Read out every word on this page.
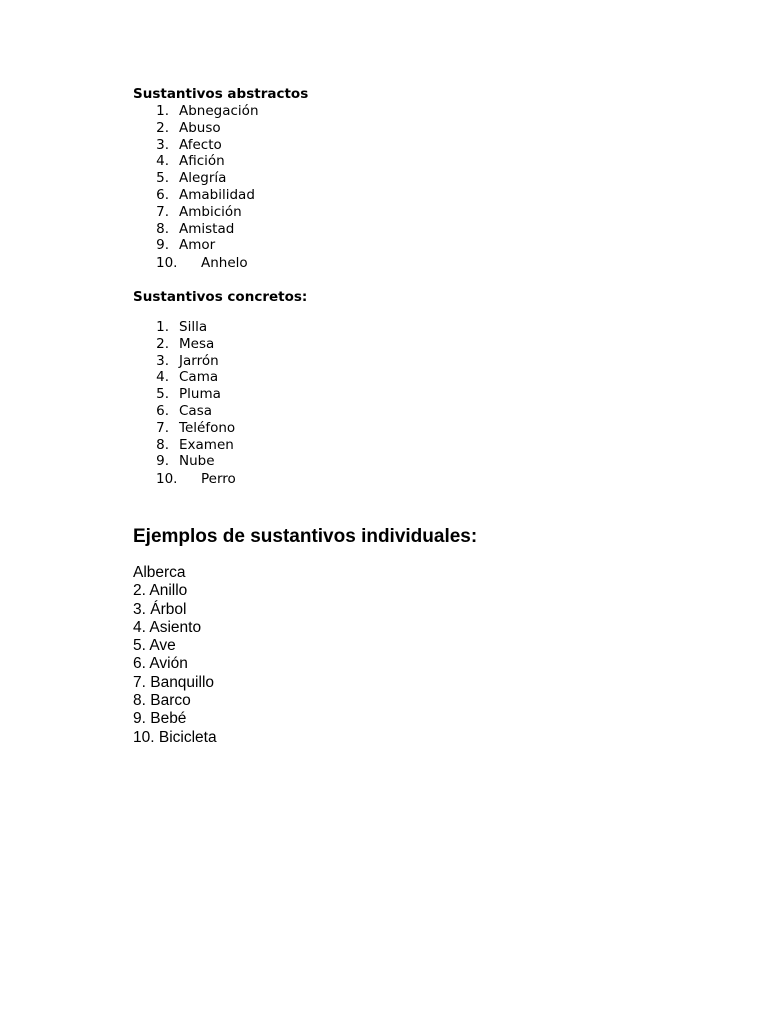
Sustantivos abstractos
1. Abnegación
2. Abuso
3. Afecto
4. Afición
5. Alegría
6. Amabilidad
7. Ambición
8. Amistad
9. Amor
10. Anhelo
Sustantivos concretos:
1. Silla
2. Mesa
3. Jarrón
4. Cama
5. Pluma
6. Casa
7. Teléfono
8. Examen
9. Nube
10. Perro
Ejemplos de sustantivos individuales:
Alberca
2. Anillo
3. Árbol
4. Asiento
5. Ave
6. Avión
7. Banquillo
8. Barco
9. Bebé
10. Bicicleta
